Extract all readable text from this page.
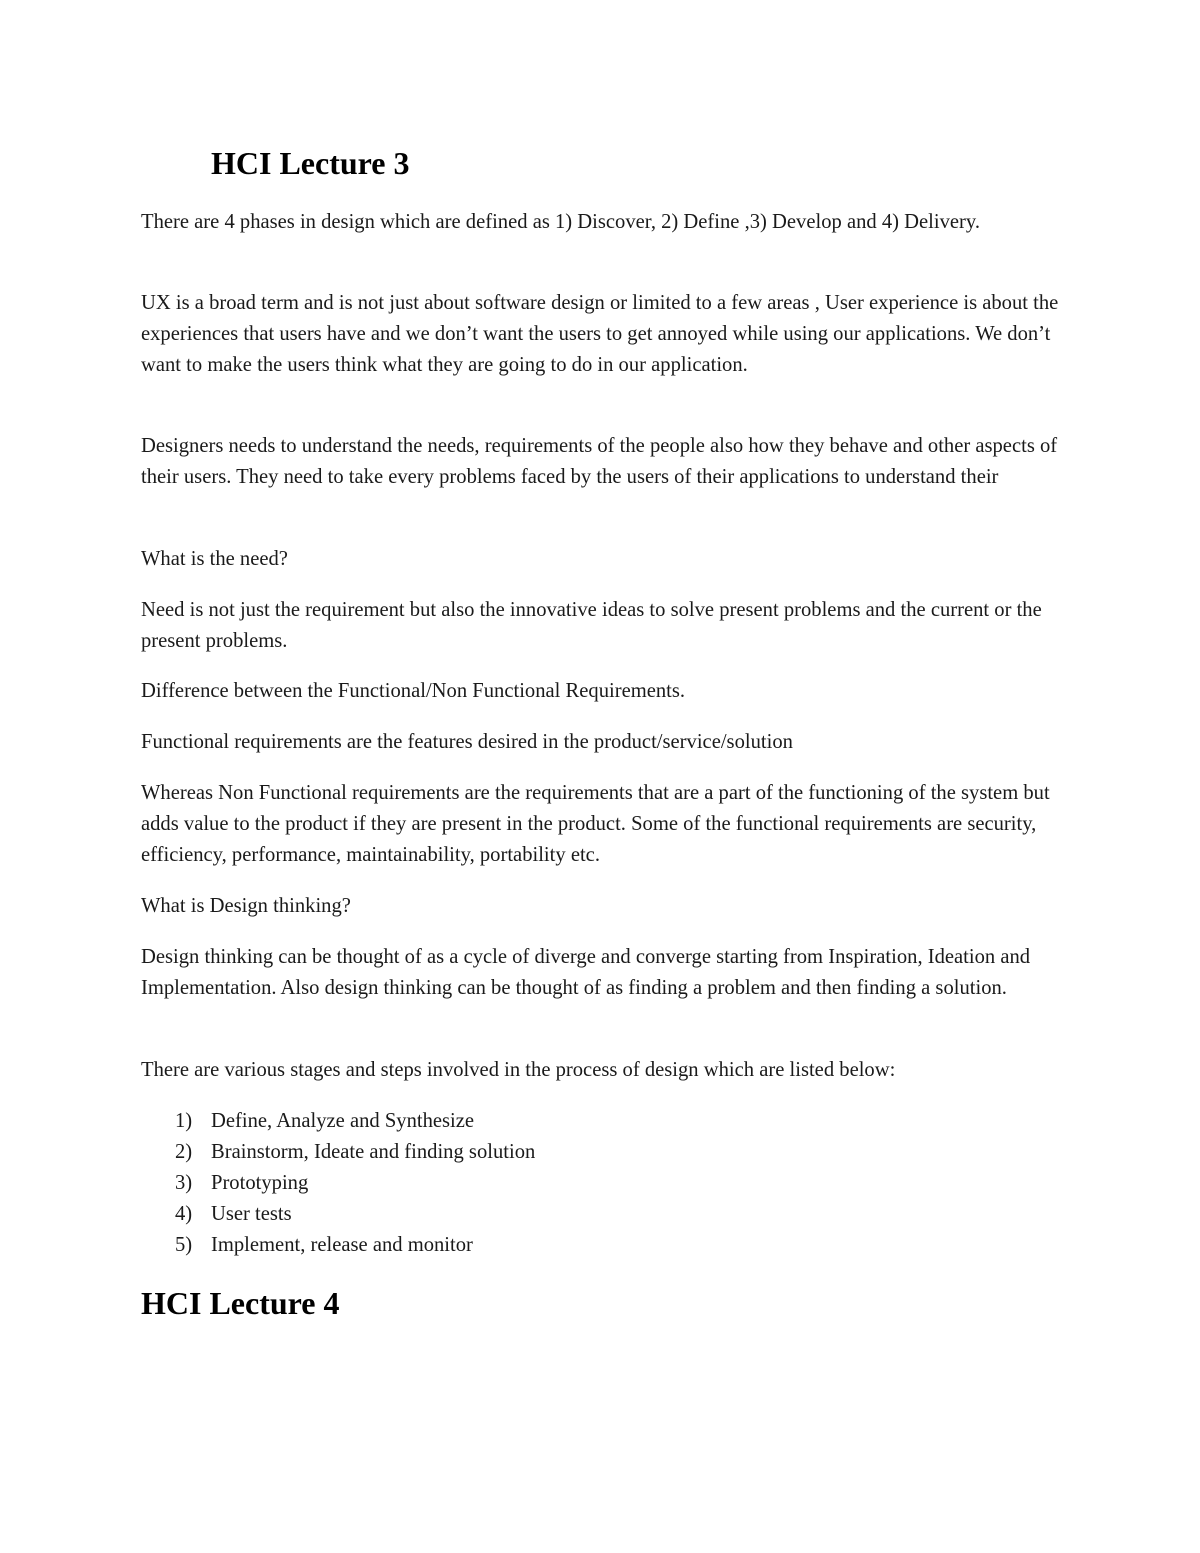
HCI Lecture 3

There are 4 phases in design which are defined as 1) Discover, 2) Define ,3) Develop and 4) Delivery.

UX is a broad term and is not just about software design or limited to a few areas , User experience is about the experiences that users have and we don’t want the users to get annoyed while using our applications. We don’t want to make the users think what they are going to do in our application.

Designers needs to understand the needs, requirements of the people also how they behave and other aspects of their users. They need to take every problems faced by the users of their applications to understand their

What is the need?

Need is not just the requirement but also the innovative ideas to solve present problems and the current or the present problems.

Difference between the Functional/Non Functional Requirements.

Functional requirements are the features desired in the product/service/solution

Whereas Non Functional requirements are the requirements that are a part of the functioning of the system but adds value to the product if they are present in the product. Some of the functional requirements are security, efficiency, performance, maintainability, portability etc.

What is Design thinking?

Design thinking can be thought of as a cycle of diverge and converge starting from Inspiration, Ideation and Implementation. Also design thinking can be thought of as finding a problem and then finding a solution.

There are various stages and steps involved in the process of design which are listed below:

1) Define, Analyze and Synthesize
2) Brainstorm, Ideate and finding solution
3) Prototyping
4) User tests
5) Implement, release and monitor
HCI Lecture 4
